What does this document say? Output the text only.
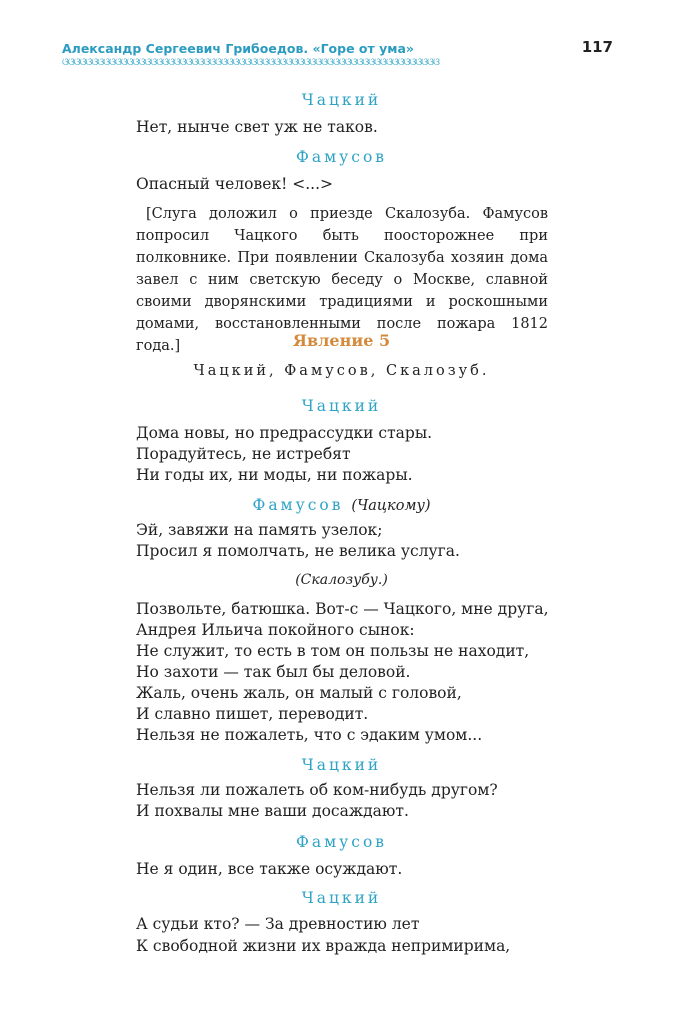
Александр Сергеевич Грибоедов. «Горе от ума»	117
ଓଓଓଓଓଓଓଓଓଓଓଓଓଓଓଓଓଓଓଓଓଓଓଓଓଓଓଓଓଓଓଓଓଓଓଓଓଓଓଓଓଓଓଓଓଓଓଓଓଓଓଓଓଓଓଓଓଓଓଓଓଓଓଓ
Чацкий
Нет, нынче свет уж не таков.
Фамусов
Опасный человек! <...>

[Слуга доложил о приезде Скалозуба. Фамусов попросил Чацкого быть поосторожнее при полковнике. При появлении Скалозуба хозяин дома завел с ним светскую беседу о Москве, славной своими дворянскими традициями и роскошными домами, восстановленными после пожара 1812 года.]	Явление 5
Чацкий, Фамусов, Скалозуб.
Чацкий
Дома новы, но предрассудки стары.
Порадуйтесь, не истребят
Ни годы их, ни моды, ни пожары.
Фамусов (Чацкому)
Эй, завяжи на память узелок;
Просил я помолчать, не велика услуга.
(Скалозубу.)
Позвольте, батюшка. Вот-с — Чацкого, мне друга,
Андрея Ильича покойного сынок:
Не служит, то есть в том он пользы не находит,
Но захоти — так был бы деловой.
Жаль, очень жаль, он малый с головой,
И славно пишет, переводит.
Нельзя не пожалеть, что с эдаким умом...
Чацкий
Нельзя ли пожалеть об ком-нибудь другом?
И похвалы мне ваши досаждают.
Фамусов
Не я один, все также осуждают.
Чацкий
А судьи кто? — За древностию лет
К свободной жизни их вражда непримирима,
